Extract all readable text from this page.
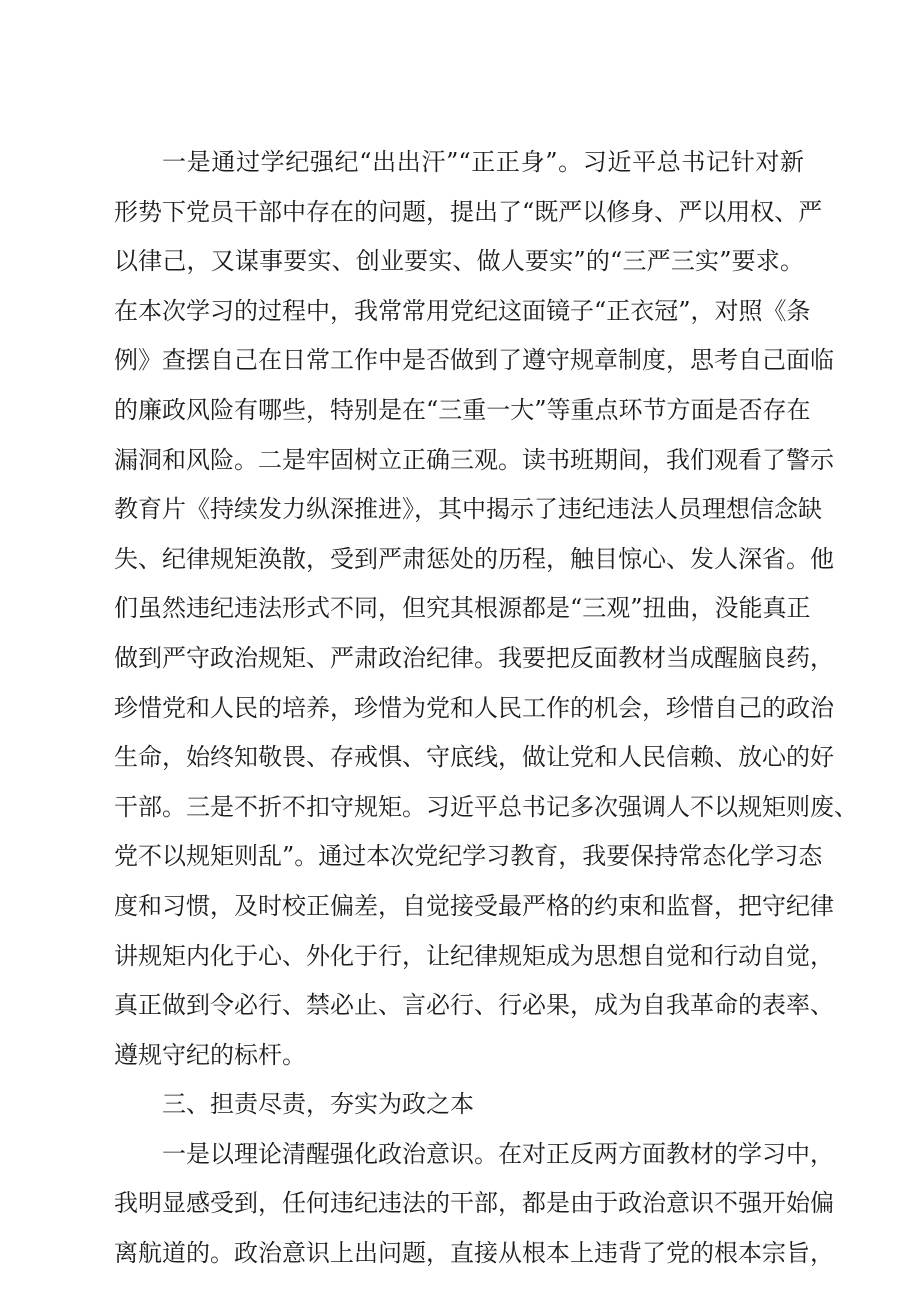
一是通过学纪强纪“出出汗”“正正身”。习近平总书记针对新
形势下党员干部中存在的问题，提出了“既严以修身、严以用权、严
以律己，又谋事要实、创业要实、做人要实”的“三严三实”要求。
在本次学习的过程中，我常常用党纪这面镜子“正衣冠”，对照《条
例》查摆自己在日常工作中是否做到了遵守规章制度，思考自己面临
的廉政风险有哪些，特别是在“三重一大”等重点环节方面是否存在
漏洞和风险。二是牢固树立正确三观。读书班期间，我们观看了警示
教育片《持续发力纵深推进》，其中揭示了违纪违法人员理想信念缺
失、纪律规矩涣散，受到严肃惩处的历程，触目惊心、发人深省。他
们虽然违纪违法形式不同，但究其根源都是“三观”扭曲，没能真正
做到严守政治规矩、严肃政治纪律。我要把反面教材当成醒脑良药，
珍惜党和人民的培养，珍惜为党和人民工作的机会，珍惜自己的政治
生命，始终知敬畏、存戒惧、守底线，做让党和人民信赖、放心的好
干部。三是不折不扣守规矩。习近平总书记多次强调人不以规矩则废、
党不以规矩则乱”。通过本次党纪学习教育，我要保持常态化学习态
度和习惯，及时校正偏差，自觉接受最严格的约束和监督，把守纪律
讲规矩内化于心、外化于行，让纪律规矩成为思想自觉和行动自觉，
真正做到令必行、禁必止、言必行、行必果，成为自我革命的表率、
遵规守纪的标杆。
三、担责尽责，夯实为政之本
一是以理论清醒强化政治意识。在对正反两方面教材的学习中，
我明显感受到，任何违纪违法的干部，都是由于政治意识不强开始偏
离航道的。政治意识上出问题，直接从根本上违背了党的根本宗旨，
